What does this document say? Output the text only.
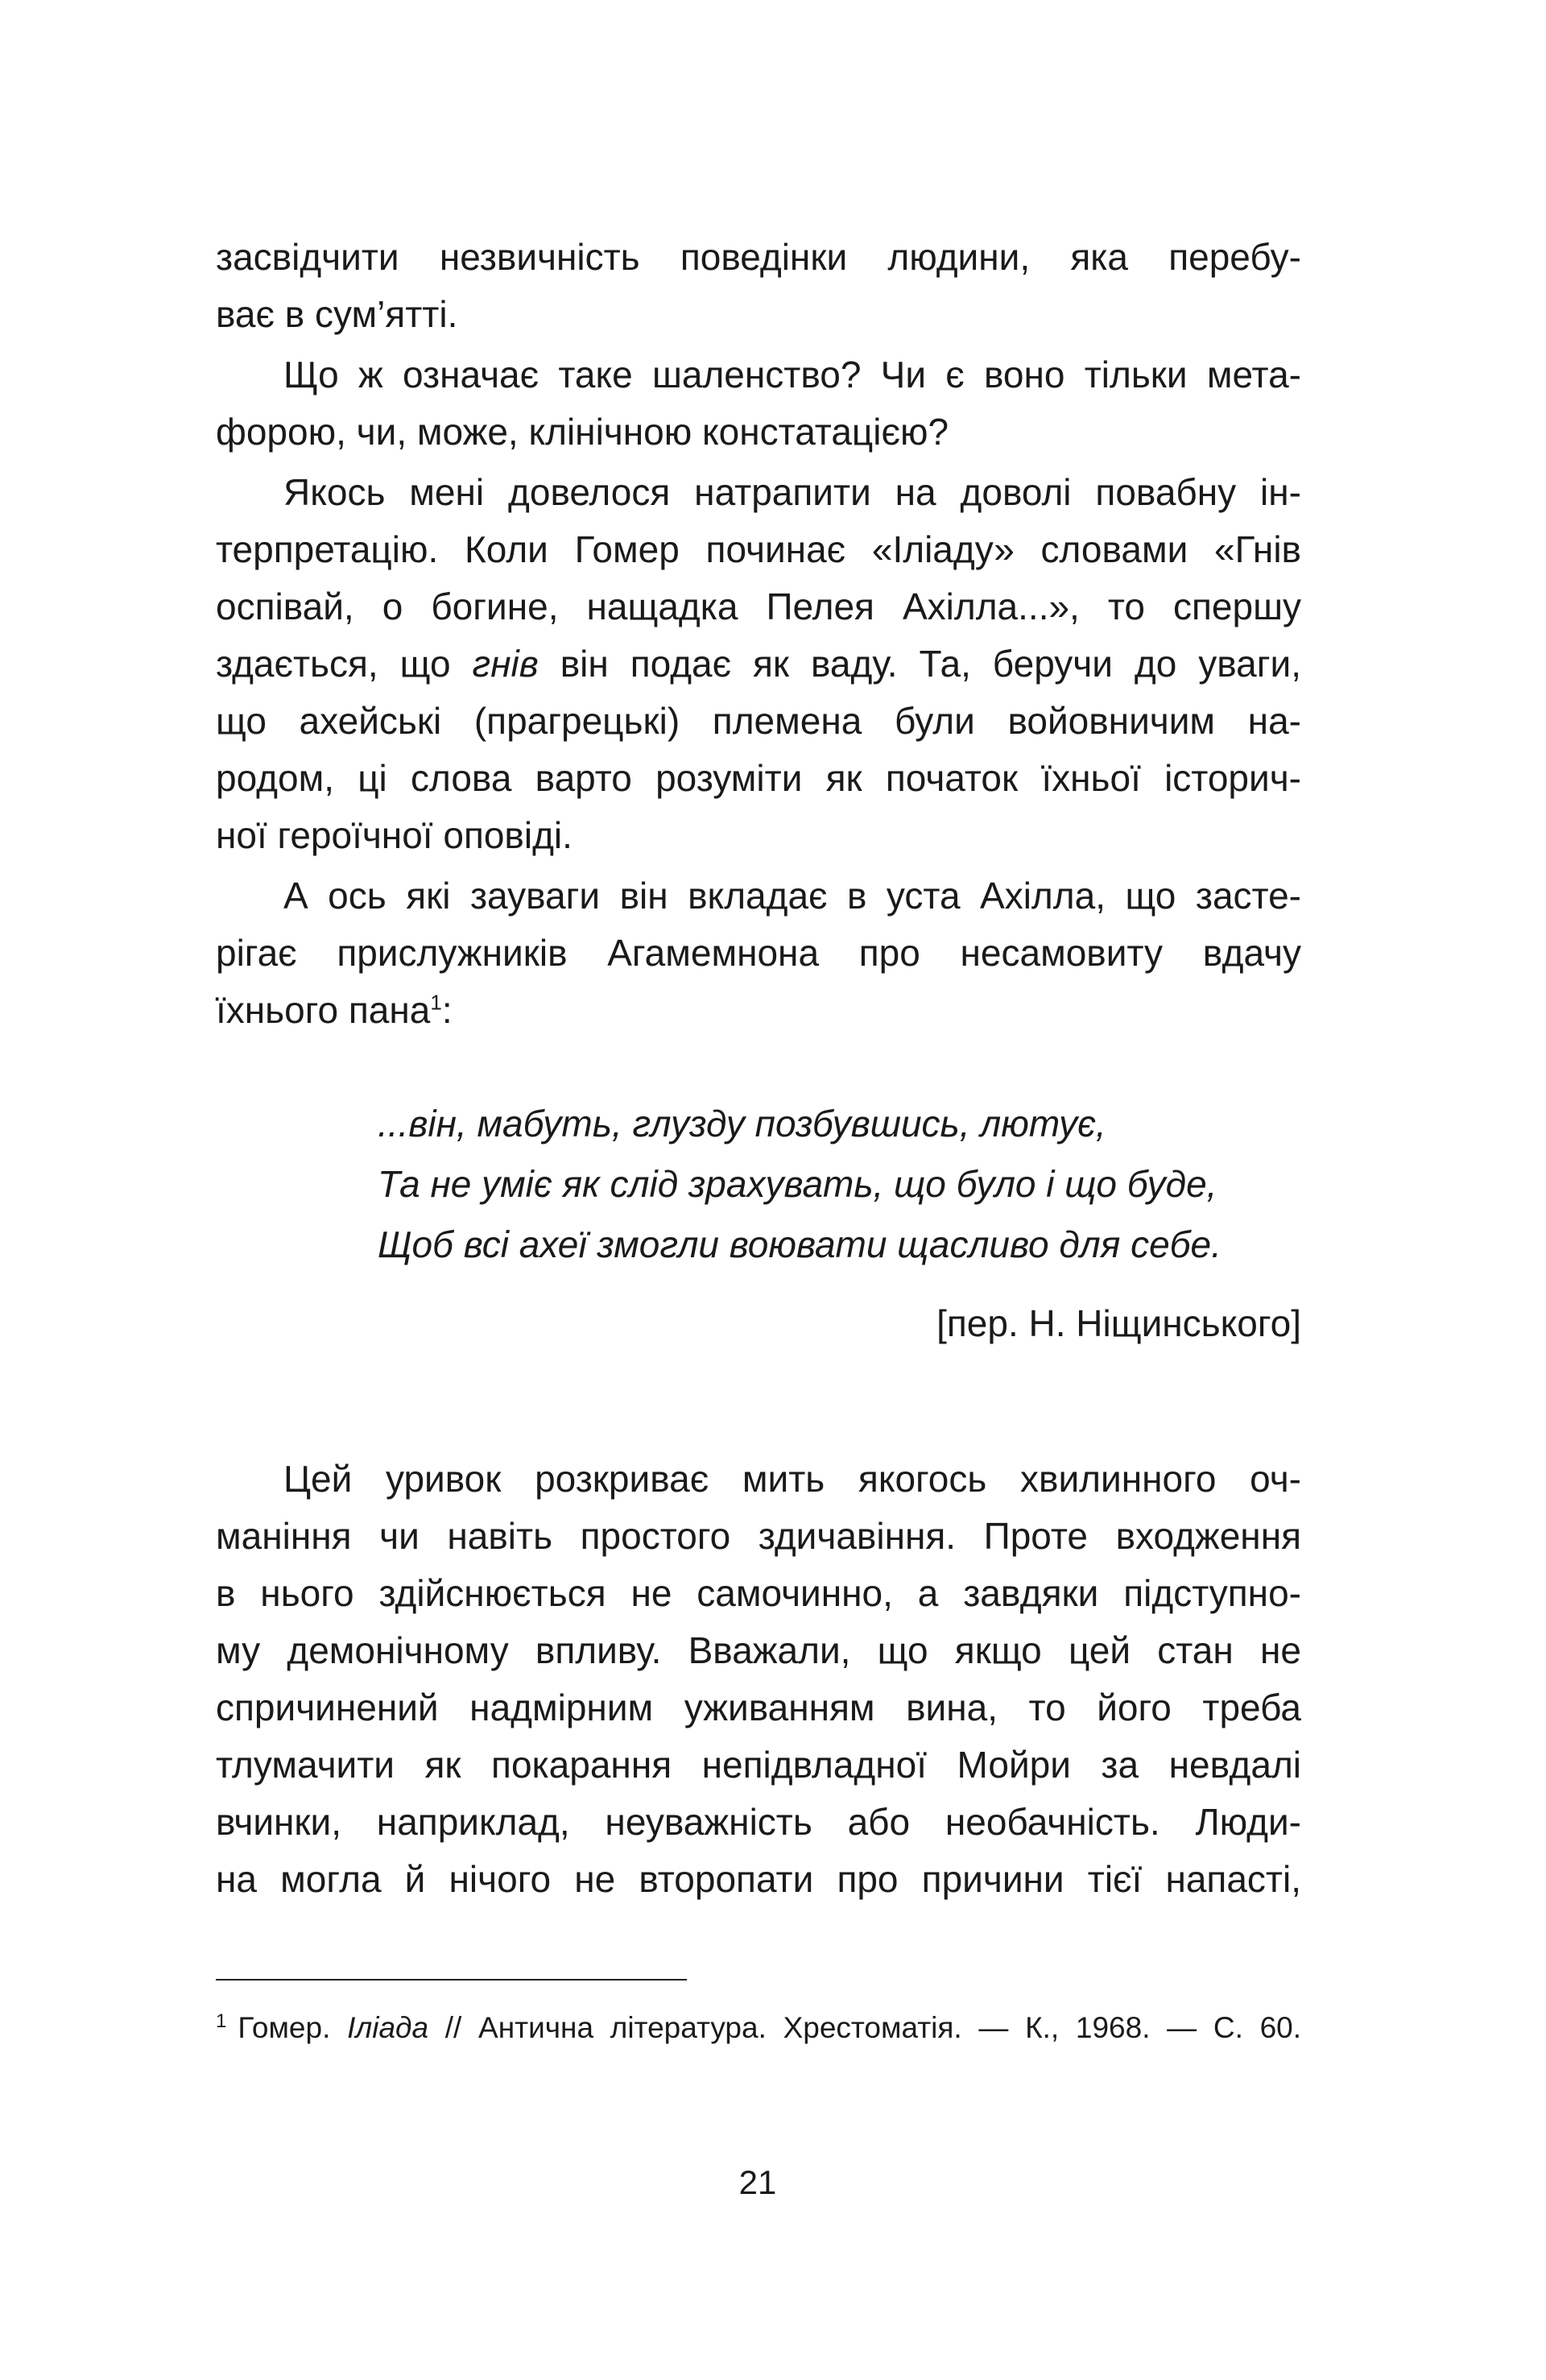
засвідчити незвичність поведінки людини, яка перебу-
ває в сум’ятті.
Що ж означає таке шаленство? Чи є воно тільки мета-
форою, чи, може, клінічною констатацією?
Якось мені довелося натрапити на доволі повабну ін-
терпретацію. Коли Гомер починає «Іліаду» словами «Гнів
оспівай, о богине, нащадка Пелея Ахілла...», то спершу
здається, що гнів він подає як ваду. Та, беручи до уваги,
що ахейські (прагрецькі) племена були войовничим на-
родом, ці слова варто розуміти як початок їхньої історич-
ної героїчної оповіді.
А ось які зауваги він вкладає в уста Ахілла, що засте-
рігає прислужників Агамемнона про несамовиту вдачу
їхнього пана$^1$:
...він, мабуть, глузду позбувшись, лютує,
Та не уміє як слід зрахувать, що було і що буде,
Щоб всі ахеї змогли воювати щасливо для себе.
[пер. Н. Ніщинського]
Цей уривок розкриває мить якогось хвилинного оч-
маніння чи навіть простого здичавіння. Проте входження
в нього здійснюється не самочинно, а завдяки підступно-
му демонічному впливу. Вважали, що якщо цей стан не
спричинений надмірним уживанням вина, то його треба
тлумачити як покарання непідвладної Мойри за невдалі
вчинки, наприклад, неуважність або необачність. Люди-
на могла й нічого не второпати про причини тієї напасті,
$^1$ Гомер. Іліада // Антична література. Хрестоматія. — К., 1968. — С. 60.
21
